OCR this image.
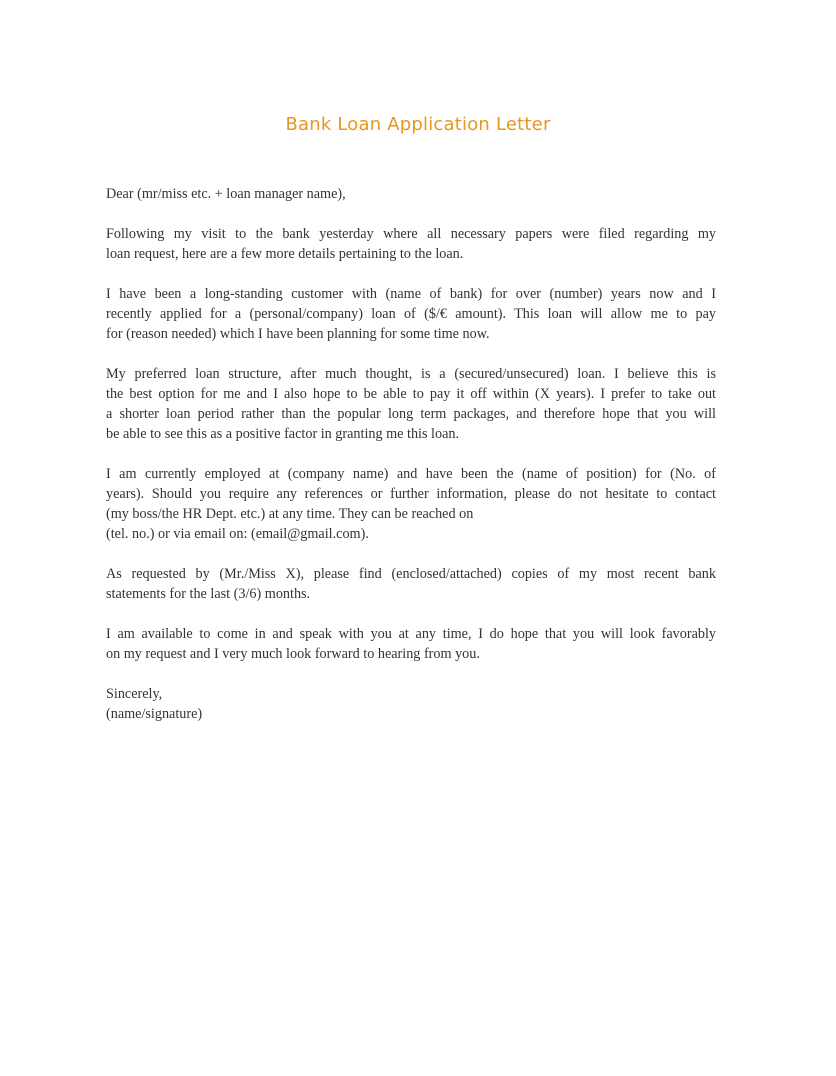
Bank Loan Application Letter

Dear (mr/miss etc. + loan manager name),

Following my visit to the bank yesterday where all necessary papers were filed regarding my
loan request, here are a few more details pertaining to the loan.

I have been a long-standing customer with (name of bank) for over (number) years now and I
recently applied for a (personal/company) loan of ($/€ amount). This loan will allow me to pay
for (reason needed) which I have been planning for some time now.

My preferred loan structure, after much thought, is a (secured/unsecured) loan. I believe this is
the best option for me and I also hope to be able to pay it off within (X years). I prefer to take out
a shorter loan period rather than the popular long term packages, and therefore hope that you will
be able to see this as a positive factor in granting me this loan.

I am currently employed at (company name) and have been the (name of position) for (No. of
years). Should you require any references or further information, please do not hesitate to contact
(my boss/the HR Dept. etc.) at any time. They can be reached on
(tel. no.) or via email on: (email@gmail.com).

As requested by (Mr./Miss X), please find (enclosed/attached) copies of my most recent bank
statements for the last (3/6) months.

I am available to come in and speak with you at any time, I do hope that you will look favorably
on my request and I very much look forward to hearing from you.

Sincerely,
(name/signature)
